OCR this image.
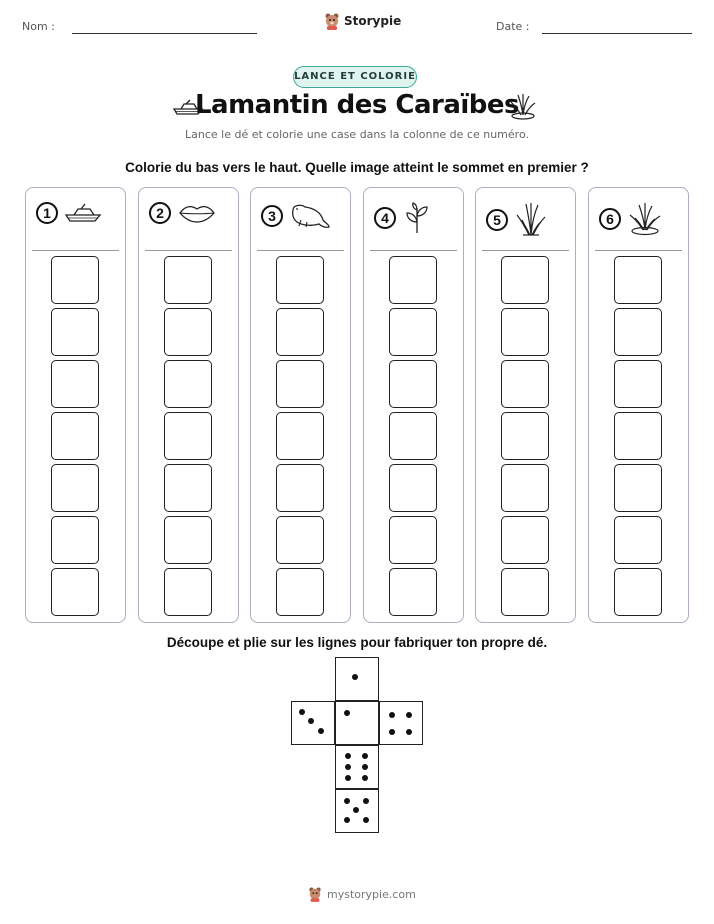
Nom :	Date :
Storypie
LANCE ET COLORIE
Lamantin des Caraïbes
Lance le dé et colorie une case dans la colonne de ce numéro.
Colorie du bas vers le haut. Quelle image atteint le sommet en premier ?
1	2	3	4	5	6
Découpe et plie sur les lignes pour fabriquer ton propre dé.
mystorypie.com
